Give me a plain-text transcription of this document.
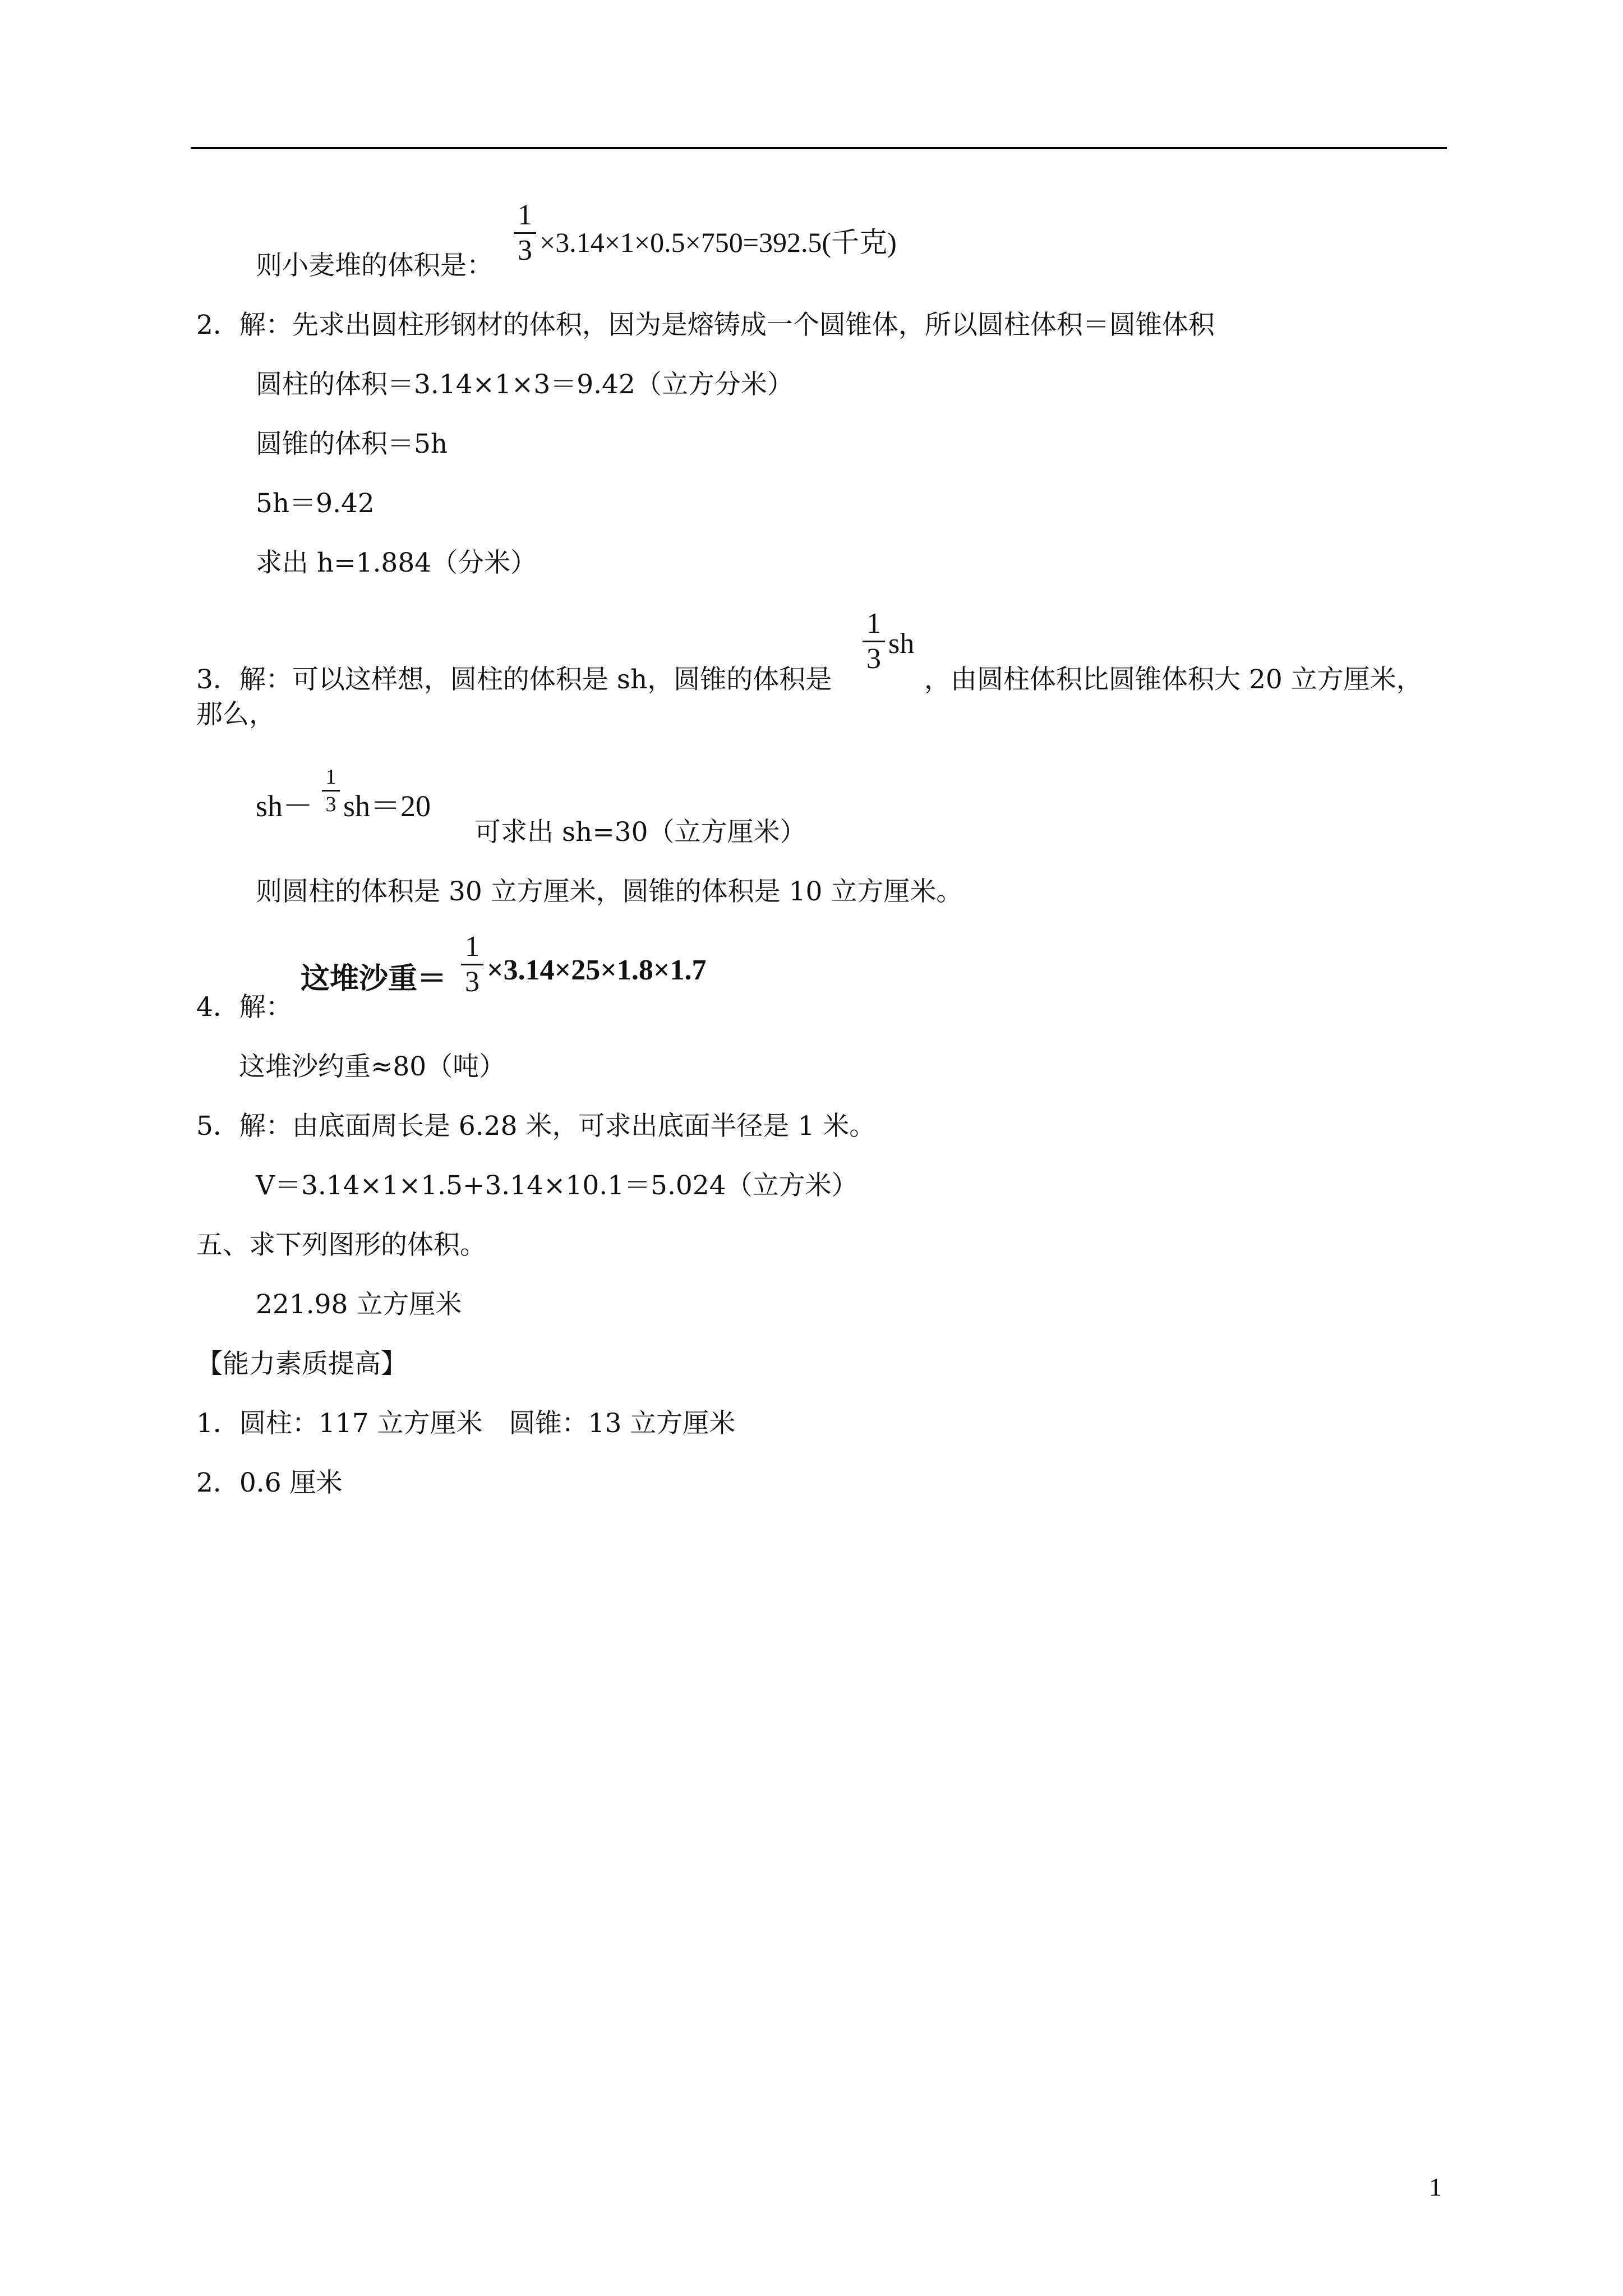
1
3 ×3.14×1×0.5×750=392.5(千克)
则小麦堆的体积是：
2．解：先求出圆柱形钢材的体积，因为是熔铸成一个圆锥体，所以圆柱体积＝圆锥体积
圆柱的体积＝3.14×1×3＝9.42（立方分米）
圆锥的体积＝5h
5h＝9.42
求出 h=1.884（分米）
1
3 sh
3．解：可以这样想，圆柱的体积是 sh，圆锥的体积是	，由圆柱体积比圆锥体积大 20 立方厘米，
那么，
sh－
1
3 sh＝20
可求出 sh=30（立方厘米）
则圆柱的体积是 30 立方厘米，圆锥的体积是 10 立方厘米。
这堆沙重＝
1
3 ×3.14×25×1.8×1.7
4．解：
这堆沙约重≈80（吨）
5．解：由底面周长是 6.28 米，可求出底面半径是 1 米。
V＝3.14×1×1.5+3.14×10.1＝5.024（立方米）
五、求下列图形的体积。
221.98 立方厘米
【能力素质提高】
1．圆柱：117 立方厘米　圆锥：13 立方厘米
2．0.6 厘米
1
